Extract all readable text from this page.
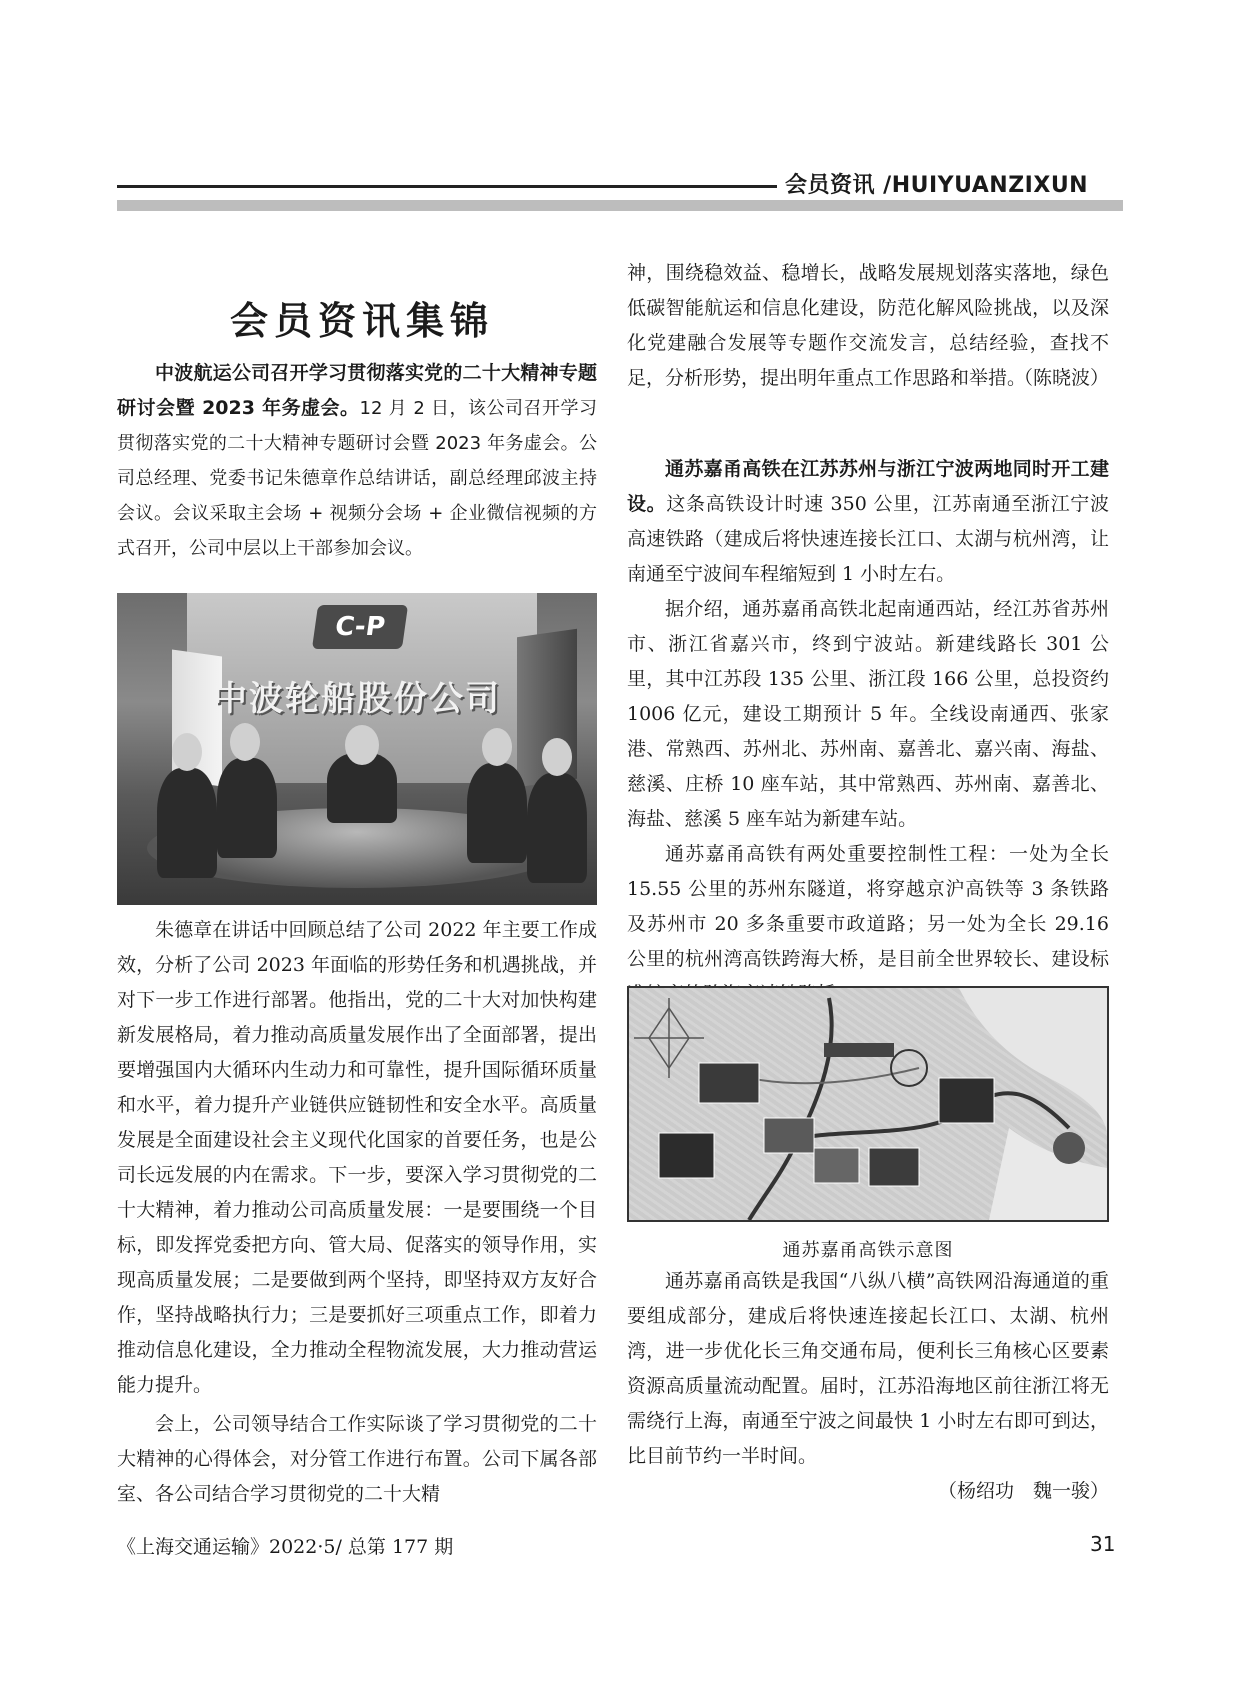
会员资讯 /HUIYUANZIXUN
会员资讯集锦

中波航运公司召开学习贯彻落实党的二十大精神专题研讨会暨 2023 年务虚会。12 月 2 日，该公司召开学习贯彻落实党的二十大精神专题研讨会暨 2023 年务虚会。公司总经理、党委书记朱德章作总结讲话，副总经理邱波主持会议。会议采取主会场 + 视频分会场 + 企业微信视频的方式召开，公司中层以上干部参加会议。

C-P
中波轮船股份公司

朱德章在讲话中回顾总结了公司 2022 年主要工作成效，分析了公司 2023 年面临的形势任务和机遇挑战，并对下一步工作进行部署。他指出，党的二十大对加快构建新发展格局，着力推动高质量发展作出了全面部署，提出要增强国内大循环内生动力和可靠性，提升国际循环质量和水平，着力提升产业链供应链韧性和安全水平。高质量发展是全面建设社会主义现代化国家的首要任务，也是公司长远发展的内在需求。下一步，要深入学习贯彻党的二十大精神，着力推动公司高质量发展：一是要围绕一个目标，即发挥党委把方向、管大局、促落实的领导作用，实现高质量发展；二是要做到两个坚持，即坚持双方友好合作，坚持战略执行力；三是要抓好三项重点工作，即着力推动信息化建设，全力推动全程物流发展，大力推动营运能力提升。

会上，公司领导结合工作实际谈了学习贯彻党的二十大精神的心得体会，对分管工作进行布置。公司下属各部室、各公司结合学习贯彻党的二十大精

神，围绕稳效益、稳增长，战略发展规划落实落地，绿色低碳智能航运和信息化建设，防范化解风险挑战，以及深化党建融合发展等专题作交流发言，总结经验，查找不足，分析形势，提出明年重点工作思路和举措。

（陈晓波）

通苏嘉甬高铁在江苏苏州与浙江宁波两地同时开工建设。这条高铁设计时速 350 公里，江苏南通至浙江宁波高速铁路（建成后将快速连接长江口、太湖与杭州湾，让南通至宁波间车程缩短到 1 小时左右。

据介绍，通苏嘉甬高铁北起南通西站，经江苏省苏州市、浙江省嘉兴市，终到宁波站。新建线路长 301 公里，其中江苏段 135 公里、浙江段 166 公里，总投资约 1006 亿元，建设工期预计 5 年。全线设南通西、张家港、常熟西、苏州北、苏州南、嘉善北、嘉兴南、海盐、慈溪、庄桥 10 座车站，其中常熟西、苏州南、嘉善北、海盐、慈溪 5 座车站为新建车站。

通苏嘉甬高铁有两处重要控制性工程：一处为全长 15.55 公里的苏州东隧道，将穿越京沪高铁等 3 条铁路及苏州市 20 多条重要市政道路；另一处为全长 29.16 公里的杭州湾高铁跨海大桥，是目前全世界较长、建设标

通苏嘉甬高铁示意图

通苏嘉甬高铁是我国“八纵八横”高铁网沿海通道的重要组成部分，建成后将快速连接起长江口、太湖、杭州湾，进一步优化长三角交通布局，便利长三角核心区要素资源高质量流动配置。届时，江苏沿海地区前往浙江将无需绕行上海，南通至宁波之间最快 1 小时左右即可到达，比目前节约一半时间。

（杨绍功　魏一骏）

《上海交通运输》2022·5/ 总第 177 期	31
